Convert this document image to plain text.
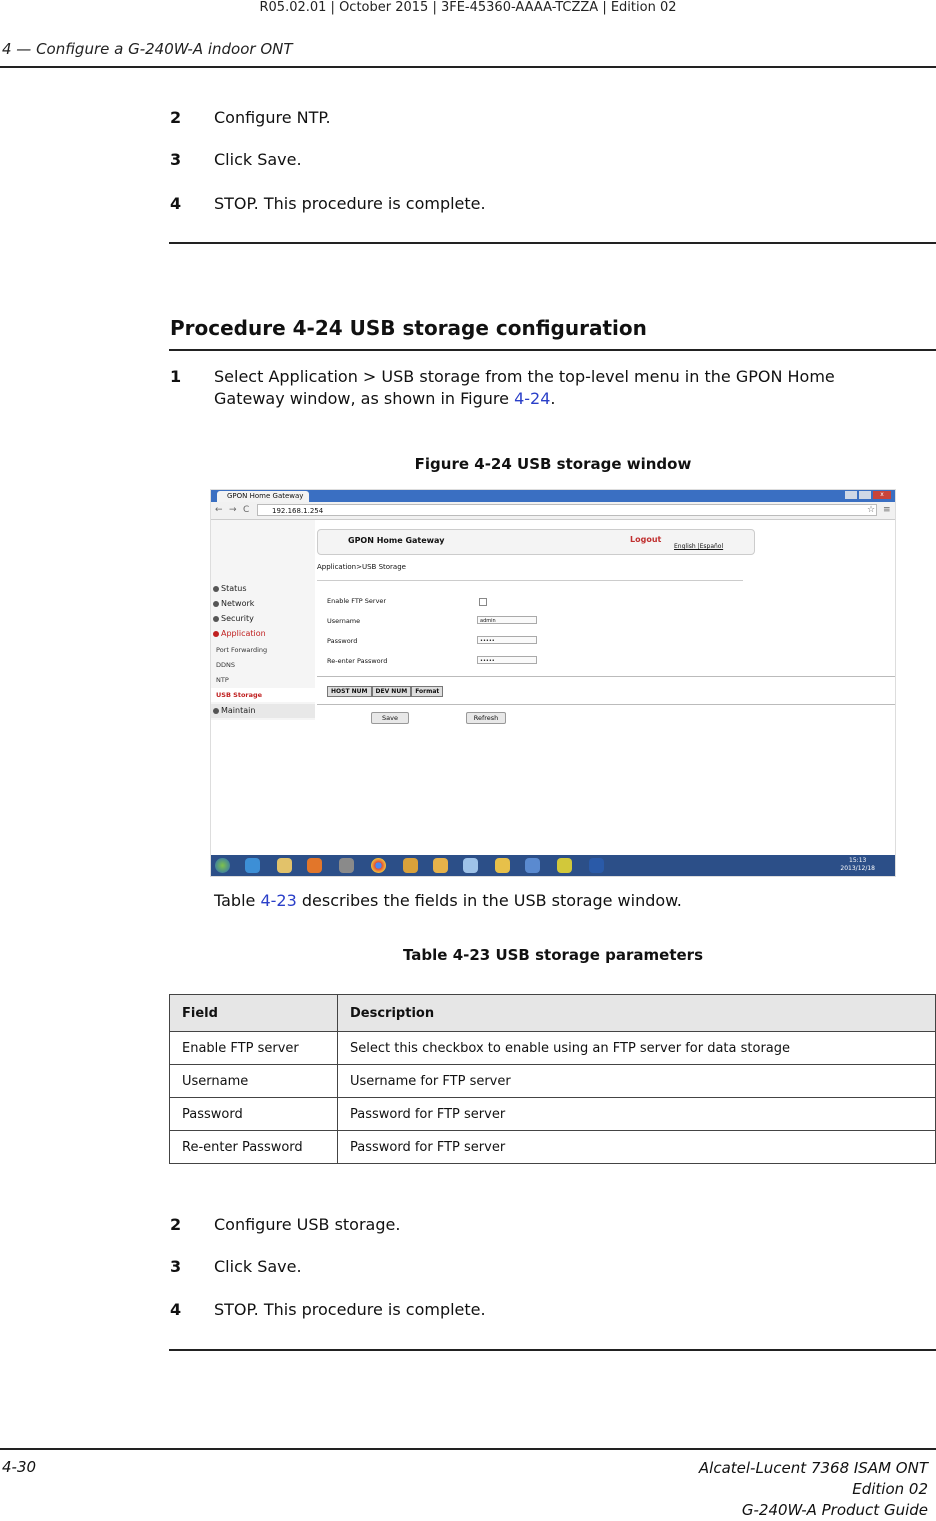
R05.02.01 | October 2015 | 3FE-45360-AAAA-TCZZA | Edition 02
4 — Configure a G-240W-A indoor ONT
2 Configure NTP.
3 Click Save.
4 STOP. This procedure is complete.
Procedure 4-24 USB storage configuration
1 Select Application > USB storage from the top-level menu in the GPON Home
Gateway window, as shown in Figure 4-24.
Figure 4-24 USB storage window
GPON Home Gateway	x
← → C	192.168.1.254	☆ ≡
Status
Network
Security
Application
Port Forwarding
DDNS
NTP
USB Storage
Maintain
GPON Home Gateway	Logout
English |Español
Application>USB Storage
Enable FTP Server
Username	admin
Password	•••••
Re-enter Password	•••••
HOST NUM	DEV NUM	Format
Save	Refresh
15:13
2013/12/18
Table 4-23 describes the fields in the USB storage window.
Table 4-23 USB storage parameters
Field	Description
Enable FTP server	Select this checkbox to enable using an FTP server for data storage
Username	Username for FTP server
Password	Password for FTP server
Re-enter Password	Password for FTP server
2 Configure USB storage.
3 Click Save.
4 STOP. This procedure is complete.
4-30	Alcatel-Lucent 7368 ISAM ONT
Edition 02
G-240W-A Product Guide
